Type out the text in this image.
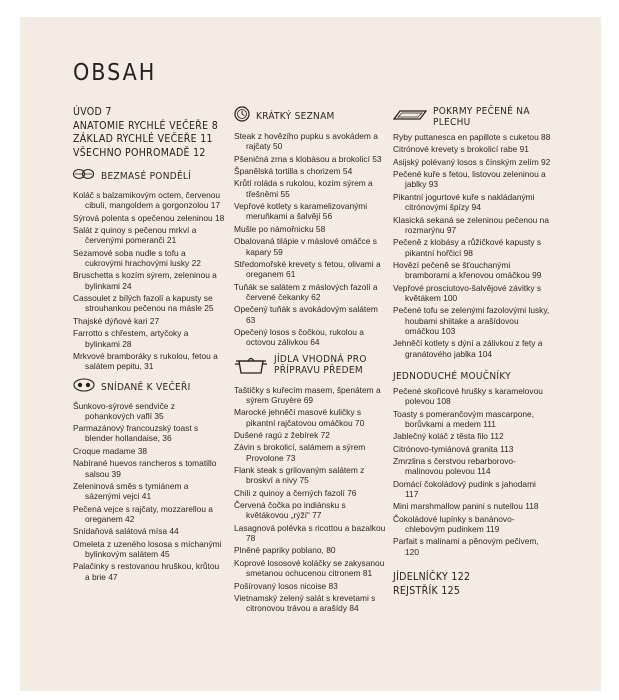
OBSAH
ÚVOD 7
ANATOMIE RYCHLÉ VEČEŘE 8
ZÁKLAD RYCHLÉ VEČEŘE 11
VŠECHNO POHROMADĚ 12
BEZMASÉ PONDĚLÍ
Koláč s balzamikovým octem, červenou cibulí, mangoldem a gorgonzolou 17
Sýrová polenta s opečenou zeleninou 18
Salát z quinoy s pečenou mrkví a červenými pomeranči 21
Sezamové soba nudle s tofu a cukrovými hrachovými lusky 22
Bruschetta s kozím sýrem, zeleninou a bylinkami 24
Cassoulet z bílých fazolí a kapusty se strouhankou pečenou na másle 25
Thajské dýňové kari 27
Farrotto s chřestem, artyčoky a bylinkami 28
Mrkvové bramboráky s rukolou, fetou a salátem pepitu, 31
SNÍDANĚ K VEČEŘI
Šunkovo-sýrové sendviče z pohankových vaflí 35
Parmazánový francouzský toast s blender hollandaise, 36
Croque madame 38
Nabírané huevos rancheros s tomatillo salsou 39
Zeleninová směs s tymiánem a sázenými vejci 41
Pečená vejce s rajčaty, mozzarellou a oreganem 42
Snídaňová salátová mísa 44
Omeleta z uzeného lososa s míchanými bylinkovým salátem 45
Palačinky s restovanou hruškou, krůtou a brie 47
KRÁTKÝ SEZNAM
Steak z hovězího pupku s avokádem a rajčaty 50
Pšeničná zrna s klobásou a brokolicí 53
Španělská tortilla s chorizem 54
Krůtí roláda s rukolou, kozím sýrem a třešněmi 55
Vepřové kotlety s karamelizovanými meruňkami a šalvějí 56
Mušle po námořnicku 58
Obalovaná tilápie v máslové omáčce s kapary 59
Středomořské krevety s fetou, olivami a oreganem 61
Tuňák se salátem z máslových fazolí a červené čekanky 62
Opečený tuňák s avokádovým salátem 63
Opečený losos s čočkou, rukolou a octovou zálivkou 64
JÍDLA VHODNÁ PRO
PŘÍPRAVU PŘEDEM
Taštičky s kuřecím masem, špenátem a sýrem Gruyère 69
Marocké jehněčí masové kuličky s pikantní rajčatovou omáčkou 70
Dušené ragú z žebírek 72
Závin s brokolicí, salámem a sýrem Provolone 73
Flank steak s grilovaným salátem z broskví a nivy 75
Chili z quinoy a černých fazolí 76
Červená čočka po indiánsku s květákovou „rýží“ 77
Lasagnová polévka s ricottou a bazalkou 78
Plněné papriky poblano, 80
Koprové lososové koláčky se zakysanou smetanou ochucenou citronem 81
Pošírovaný losos nicoise 83
Vietnamský zelený salát s krevetami s citronovou trávou a arašídy 84
POKRMY PEČENÉ NA PLECHU
Ryby puttanesca en papillote s cuketou 88
Citrónové krevety s brokolicí rabe 91
Asijský polévaný losos s čínským zelím 92
Pečené kuře s fetou, listovou zeleninou a jablky 93
Pikantní jogurtové kuře s nakládanými citrónovými špízy 94
Klasická sekaná se zeleninou pečenou na rozmarýnu 97
Pečeně z klobásy a růžičkové kapusty s pikantní hořčicí 98
Hovězí pečeně se šťouchanými bramborami a křenovou omáčkou 99
Vepřové prosciutovo-šalvějové závitky s květákem 100
Pečené tofu se zelenými fazolovými lusky, houbami shiitake a arašídovou omáčkou 103
Jehněčí kotlety s dýní a zálivkou z fety a granátového jablka 104
JEDNODUCHÉ MOUČNÍKY
Pečené skořicové hrušky s karamelovou polevou 108
Toasty s pomerančovým mascarpone, borůvkami a medem 111
Jablečný koláč z těsta filo 112
Citrónovo-tymiánová granita 113
Zmrzlina s čerstvou rebarborovo-malinovou polevou 114
Domácí čokoládový pudink s jahodami 117
Mini marshmallow panini s nutellou 118
Čokoládové lupínky s banánovo-chlebovým pudinkem 119
Parfait s malinami a pěnovým pečivem, 120
JÍDELNÍČKY 122
REJSTŘÍK 125
